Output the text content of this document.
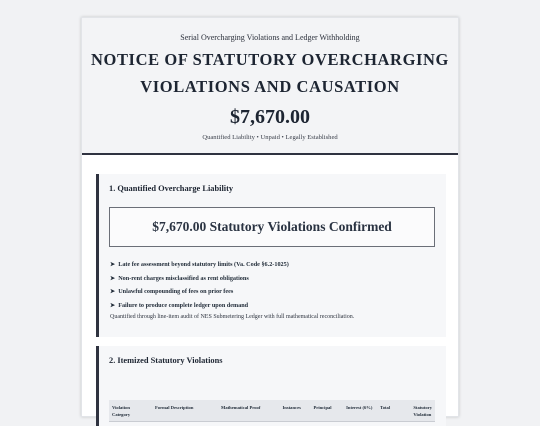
Serial Overcharging Violations and Ledger Withholding
NOTICE OF STATUTORY OVERCHARGING
VIOLATIONS AND CAUSATION
$7,670.00
Quantified Liability • Unpaid • Legally Established
1. Quantified Overcharge Liability
$7,670.00 Statutory Violations Confirmed
➤ Late fee assessment beyond statutory limits (Va. Code §6.2-1025)
➤ Non-rent charges misclassified as rent obligations
➤ Unlawful compounding of fees on prior fees
➤ Failure to produce complete ledger upon demand
Quantified through line-item audit of NES Submetering Ledger with full mathematical reconciliation.
2. Itemized Statutory Violations
Violation Category	Formal Description	Mathematical Proof	Instances	Principal	Interest (6%)	Total	Statutory Violation
